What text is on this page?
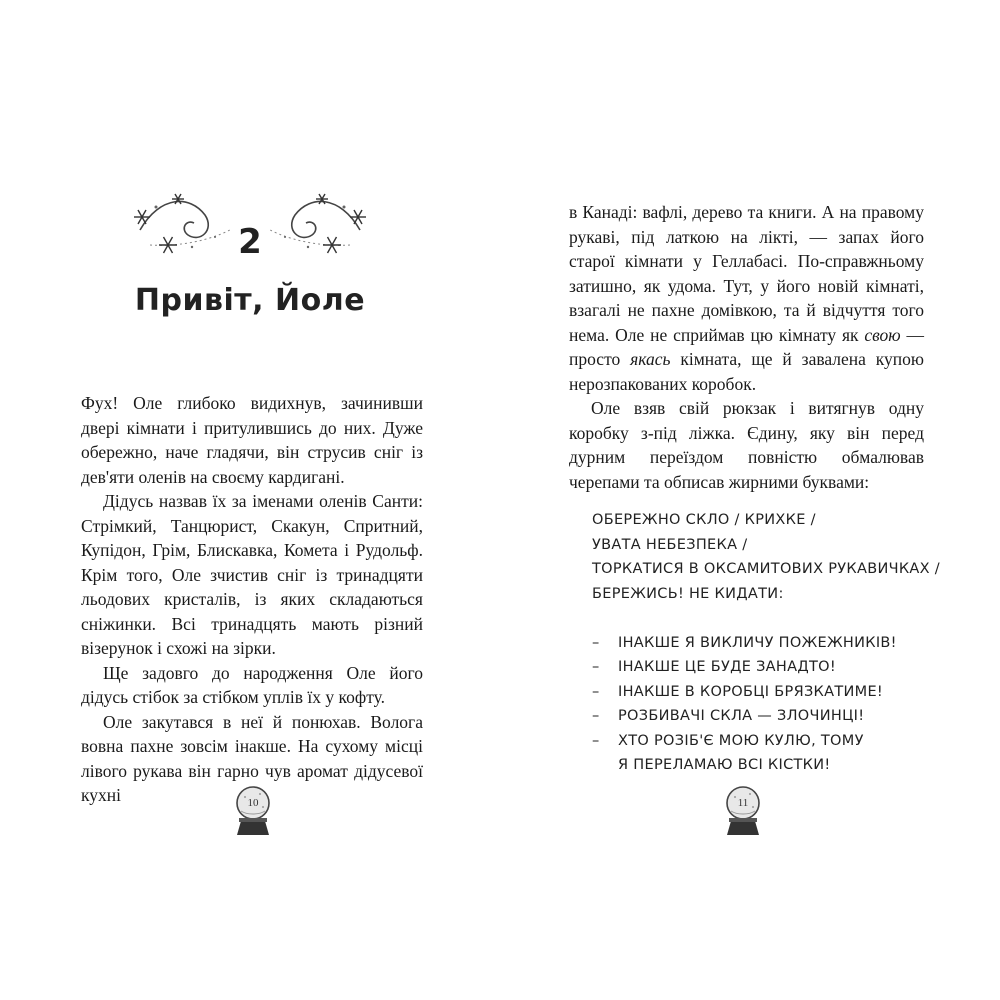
2
Привіт, Йоле

Фух! Оле глибоко видихнув, зачинивши двері кімнати і притулившись до них. Дуже обережно, наче гладячи, він струсив сніг із дев'яти оленів на своєму кардигані.

Дідусь назвав їх за іменами оленів Санти: Стрімкий, Танцюрист, Скакун, Спритний, Купідон, Грім, Блискавка, Комета і Рудольф. Крім того, Оле зчистив сніг із тринадцяти льодових кристалів, із яких складаються сніжинки. Всі тринадцять мають різний візерунок і схожі на зірки.

Ще задовго до народження Оле його дідусь стібок за стібком уплів їх у кофту.

Оле закутався в неї й понюхав. Волога вовна пахне зовсім інакше. На сухому місці лівого рукава він гарно чув аромат дідусевої кухні	10

в Канаді: вафлі, дерево та книги. А на правому рукаві, під латкою на лікті, — запах його старої кімнати у Геллабасі. По-справжньому затишно, як удома. Тут, у його новій кімнаті, взагалі не пахне домівкою, та й відчуття того нема. Оле не сприймав цю кімнату як свою — просто якась кімната, ще й завалена купою нерозпакованих коробок.

Оле взяв свій рюкзак і витягнув одну коробку з-під ліжка. Єдину, яку він перед дурним переїздом повністю обмалював черепами та обписав жирними буквами:

ОБЕРЕЖНО СКЛО / КРИХКЕ /
УВАТА НЕБЕЗПЕКА /
ТОРКАТИСЯ В ОКСАМИТОВИХ РУКАВИЧКАХ /
БЕРЕЖИСЬ! НЕ КИДАТИ:
– ІНАКШЕ Я ВИКЛИЧУ ПОЖЕЖНИКІВ!
– ІНАКШЕ ЦЕ БУДЕ ЗАНАДТО!
– ІНАКШЕ В КОРОБЦІ БРЯЗКАТИМЕ!
– РОЗБИВАЧІ СКЛА — ЗЛОЧИНЦІ!
– ХТО РОЗІБ'Є МОЮ КУЛЮ, ТОМУ
Я ПЕРЕЛАМАЮ ВСІ КІСТКИ!
11
